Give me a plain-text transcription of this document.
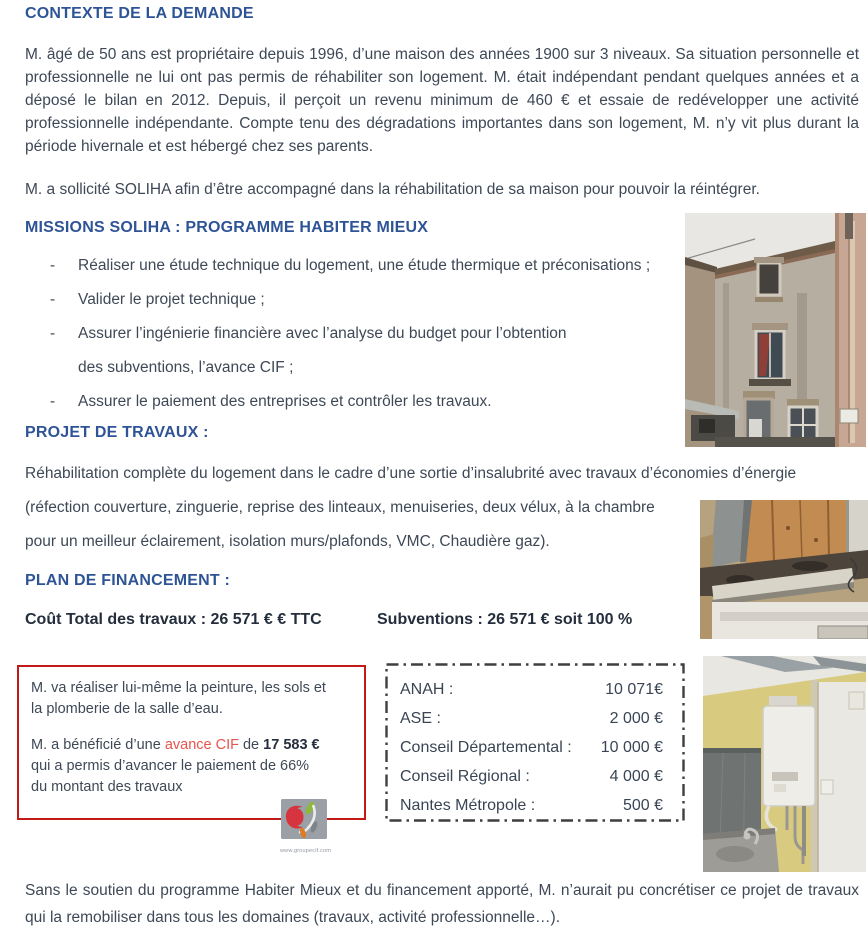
CONTEXTE DE LA DEMANDE
M. âgé de 50 ans est propriétaire depuis 1996, d’une maison des années 1900 sur 3 niveaux. Sa situation personnelle et professionnelle ne lui ont pas permis de réhabiliter son logement. M. était indépendant pendant quelques années et a déposé le bilan en 2012. Depuis, il perçoit un revenu minimum de 460 € et essaie de redévelopper une activité professionnelle indépendante. Compte tenu des dégradations importantes dans son logement, M. n’y vit plus durant la période hivernale et est hébergé chez ses parents.
M. a sollicité SOLIHA afin d’être accompagné dans la réhabilitation de sa maison pour pouvoir la réintégrer.
MISSIONS SOLIHA : PROGRAMME HABITER MIEUX
-	Réaliser une étude technique du logement, une étude thermique et préconisations ;
-	Valider le projet technique ;
-	Assurer l’ingénierie financière avec l’analyse du budget pour l’obtention
des subventions, l’avance CIF ;
-	Assurer le paiement des entreprises et contrôler les travaux.
PROJET DE TRAVAUX :
Réhabilitation complète du logement dans le cadre d’une sortie d’insalubrité avec travaux d’économies d’énergie
(réfection couverture, zinguerie, reprise des linteaux, menuiseries, deux vélux, à la chambre
pour un meilleur éclairement, isolation murs/plafonds, VMC, Chaudière gaz).
PLAN DE FINANCEMENT :
Coût Total des travaux : 26 571 € € TTC	Subventions : 26 571 € soit 100 %
M. va réaliser lui-même la peinture, les sols et
la plomberie de la salle d’eau.
M. a bénéficié d’une avance CIF de 17 583 €
qui a permis d’avancer le paiement de 66%
du montant des travaux
www.groupecif.com
ANAH :	10 071€
ASE :	2 000 €
Conseil Départemental : 10 000 €
Conseil Régional :	4 000 €
Nantes Métropole :	500 €
Sans le soutien du programme Habiter Mieux et du financement apporté, M. n’aurait pu concrétiser ce projet de travaux qui la remobiliser dans tous les domaines (travaux, activité professionnelle…).
